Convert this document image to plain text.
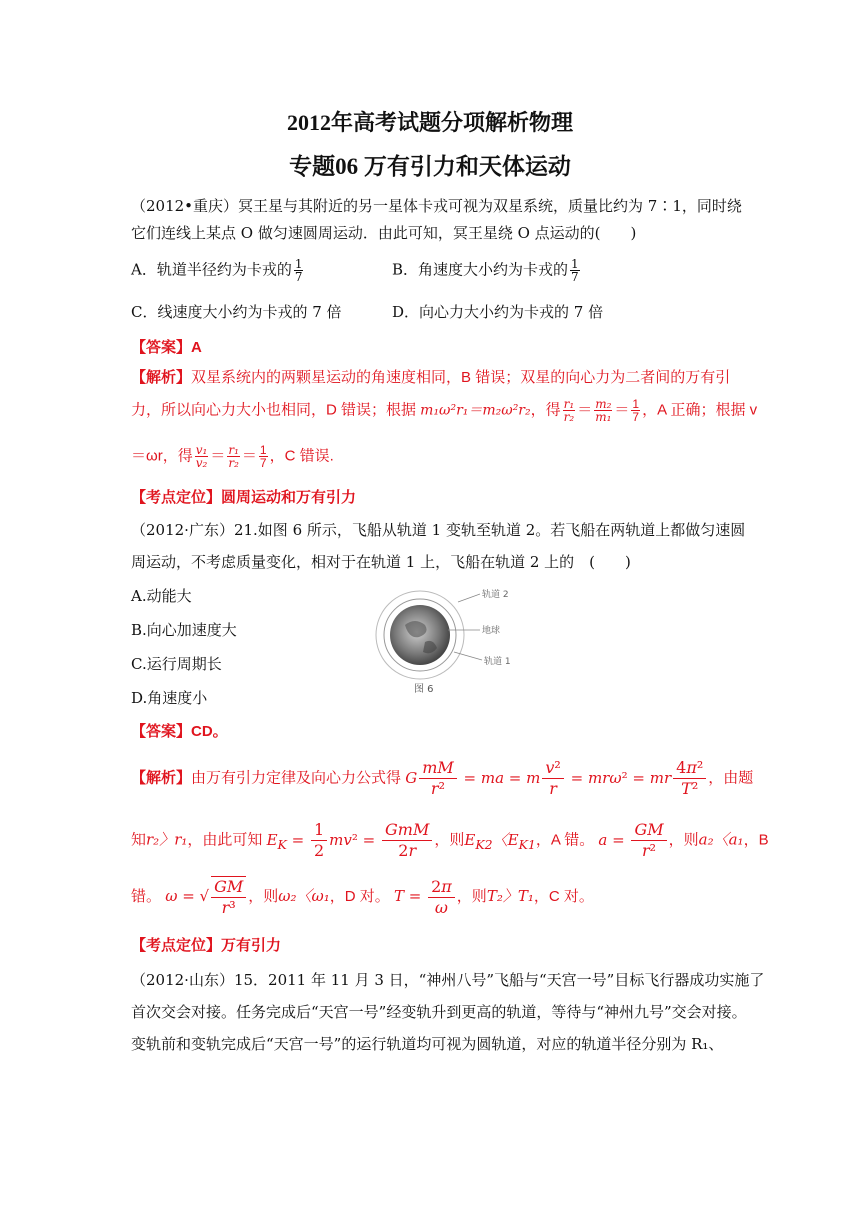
2012年高考试题分项解析物理
专题06 万有引力和天体运动
（2012•重庆）冥王星与其附近的另一星体卡戎可视为双星系统，质量比约为 7∶1，同时绕
它们连线上某点 O 做匀速圆周运动．由此可知，冥王星绕 O 点运动的(　　)
A．轨道半径约为卡戎的 $\frac{1}{7}$	B．角速度大小约为卡戎的 $\frac{1}{7}$
C．线速度大小约为卡戎的 7 倍	D．向心力大小约为卡戎的 7 倍
【答案】A
【解析】双星系统内的两颗星运动的角速度相同，B 错误；双星的向心力为二者间的万有引
力，所以向心力大小也相同，D 错误；根据 m₁ω²r₁＝m₂ω²r₂，得 $\frac{\text{r₁}}{\text{r₂}} = \frac{\text{m₂}}{\text{m₁}} = \frac{1}{7}$ ，A 正确；根据 v
＝ωr，得 $\frac{\text{v₁}}{\text{v₂}} = \frac{\text{r₁}}{\text{r₂}} = \frac{1}{7}$ ，C 错误.
【考点定位】圆周运动和万有引力
（2012·广东）21.如图 6 所示，飞船从轨道 1 变轨至轨道 2。若飞船在两轨道上都做匀速圆
周运动，不考虑质量变化，相对于在轨道 1 上，飞船在轨道 2 上的　(　　)
A.动能大
B.向心加速度大
C.运行周期长
D.角速度小
轨道 2
地球
轨道 1
图 6
【答案】CD。
【解析】由万有引力定律及向心力公式得 G $\frac{mM}{\text{r²}}$ = ma = m $\frac{\text{v²}}{r} = mr\omega^2$ = mr $\frac{\text{4π²}}{\text{T²}}$ ，由题
知r₂〉r₁，由此可知 $E_K = \frac{1}{2} mv^2 = \frac{\text{GmM}}{2r}$ ，则$E_{K2}$〈$E_{K1}$，A 错。 $a = \frac{GM}{\text{r²}}$ ，则a₂〈a₁，B
错。 ω = √ $\frac{GM}{\text{r³}}$ ，则ω₂〈ω₁，D 对。 $T = \frac{2\pi}{\omega}$ ，则T₂〉T₁，C 对。
【考点定位】万有引力
（2012·山东）15．2011 年 11 月 3 日，“神州八号”飞船与“天宫一号”目标飞行器成功实施了
首次交会对接。任务完成后“天宫一号”经变轨升到更高的轨道，等待与“神州九号”交会对接。
变轨前和变轨完成后“天宫一号”的运行轨道均可视为圆轨道，对应的轨道半径分别为 R₁、
